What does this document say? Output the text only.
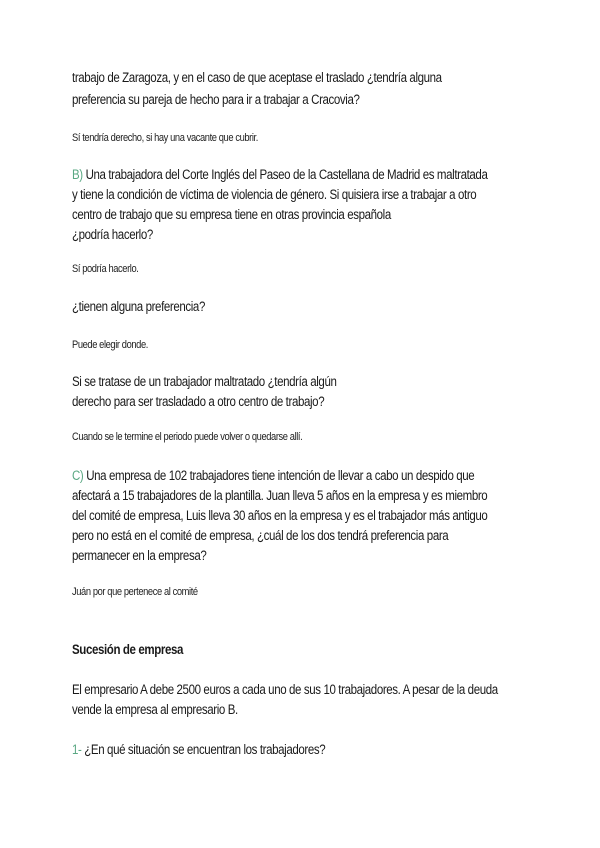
trabajo de Zaragoza, y en el caso de que aceptase el traslado ¿tendría alguna
preferencia su pareja de hecho para ir a trabajar a Cracovia?
Sí tendría derecho, si hay una vacante que cubrir.
B) Una trabajadora del Corte Inglés del Paseo de la Castellana de Madrid es maltratada
y tiene la condición de víctima de violencia de género. Si quisiera irse a trabajar a otro
centro de trabajo que su empresa tiene en otras provincia española
¿podría hacerlo?
Sí podría hacerlo.
¿tienen alguna preferencia?
Puede elegir donde.
Si se tratase de un trabajador maltratado ¿tendría algún
derecho para ser trasladado a otro centro de trabajo?
Cuando se le termine el periodo puede volver o quedarse allí.
C) Una empresa de 102 trabajadores tiene intención de llevar a cabo un despido que
afectará a 15 trabajadores de la plantilla. Juan lleva 5 años en la empresa y es miembro
del comité de empresa, Luis lleva 30 años en la empresa y es el trabajador más antiguo
pero no está en el comité de empresa, ¿cuál de los dos tendrá preferencia para
permanecer en la empresa?
Juán por que pertenece al comité
Sucesión de empresa
El empresario A debe 2500 euros a cada uno de sus 10 trabajadores. A pesar de la deuda
vende la empresa al empresario B.
1- ¿En qué situación se encuentran los trabajadores?
